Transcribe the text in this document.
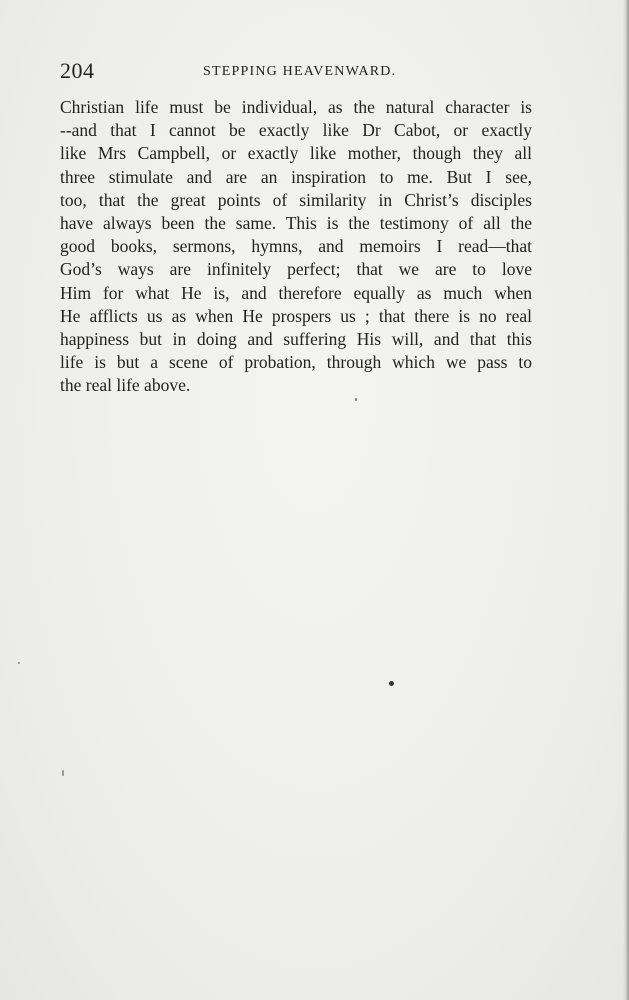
204	STEPPING HEAVENWARD.
Christian life must be individual, as the natural character is
--and that I cannot be exactly like Dr Cabot, or exactly
like Mrs Campbell, or exactly like mother, though they all
three stimulate and are an inspiration to me. But I see,
too, that the great points of similarity in Christ’s disciples
have always been the same. This is the testimony of all the
good books, sermons, hymns, and memoirs I read—that
God’s ways are infinitely perfect; that we are to love
Him for what He is, and therefore equally as much when
He afflicts us as when He prospers us ; that there is no real
happiness but in doing and suffering His will, and that this
life is but a scene of probation, through which we pass to
the real life above.
